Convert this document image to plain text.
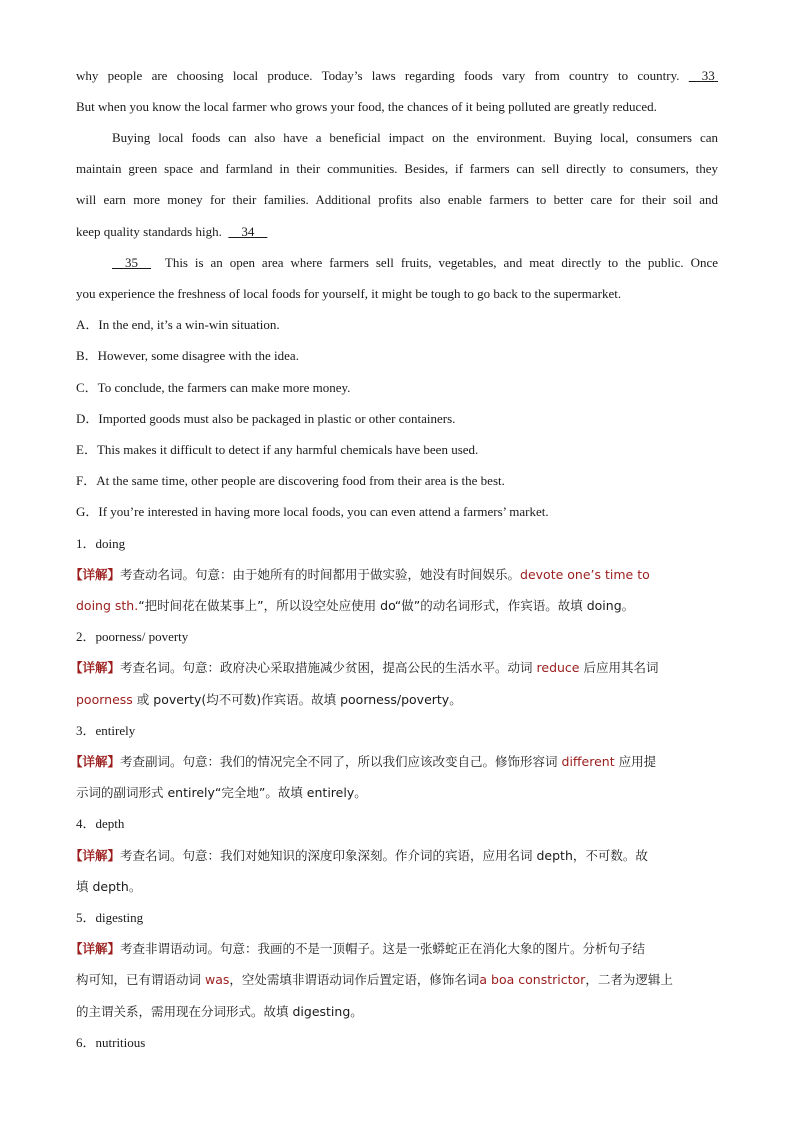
why people are choosing local produce. Today’s laws regarding foods vary from country to country. 33
But when you know the local farmer who grows your food, the chances of it being polluted are greatly reduced.
Buying local foods can also have a beneficial impact on the environment. Buying local, consumers can
maintain green space and farmland in their communities. Besides, if farmers can sell directly to consumers, they
will earn more money for their families. Additional profits also enable farmers to better care for their soil and
keep quality standards high. 34
35 This is an open area where farmers sell fruits, vegetables, and meat directly to the public. Once
you experience the freshness of local foods for yourself, it might be tough to go back to the supermarket.
A．In the end, it’s a win-win situation.
B．However, some disagree with the idea.
C．To conclude, the farmers can make more money.
D．Imported goods must also be packaged in plastic or other containers.
E．This makes it difficult to detect if any harmful chemicals have been used.
F．At the same time, other people are discovering food from their area is the best.
G．If you’re interested in having more local foods, you can even attend a farmers’ market.
1．doing
【详解】考查动名词。句意：由于她所有的时间都用于做实验，她没有时间娱乐。devote one’s time to
doing sth.“把时间花在做某事上”，所以设空处应使用 do“做”的动名词形式，作宾语。故填 doing。
2．poorness/ poverty
【详解】考查名词。句意：政府决心采取措施减少贫困，提高公民的生活水平。动词 reduce 后应用其名词
poorness 或 poverty(均不可数)作宾语。故填 poorness/poverty。
3．entirely
【详解】考查副词。句意：我们的情况完全不同了，所以我们应该改变自己。修饰形容词 different 应用提
示词的副词形式 entirely“完全地”。故填 entirely。
4．depth
【详解】考查名词。句意：我们对她知识的深度印象深刻。作介词的宾语，应用名词 depth，不可数。故
填 depth。
5．digesting
【详解】考查非谓语动词。句意：我画的不是一顶帽子。这是一张蟒蛇正在消化大象的图片。分析句子结
构可知，已有谓语动词 was，空处需填非谓语动词作后置定语，修饰名词a boa constrictor，二者为逻辑上
的主谓关系，需用现在分词形式。故填 digesting。
6．nutritious
